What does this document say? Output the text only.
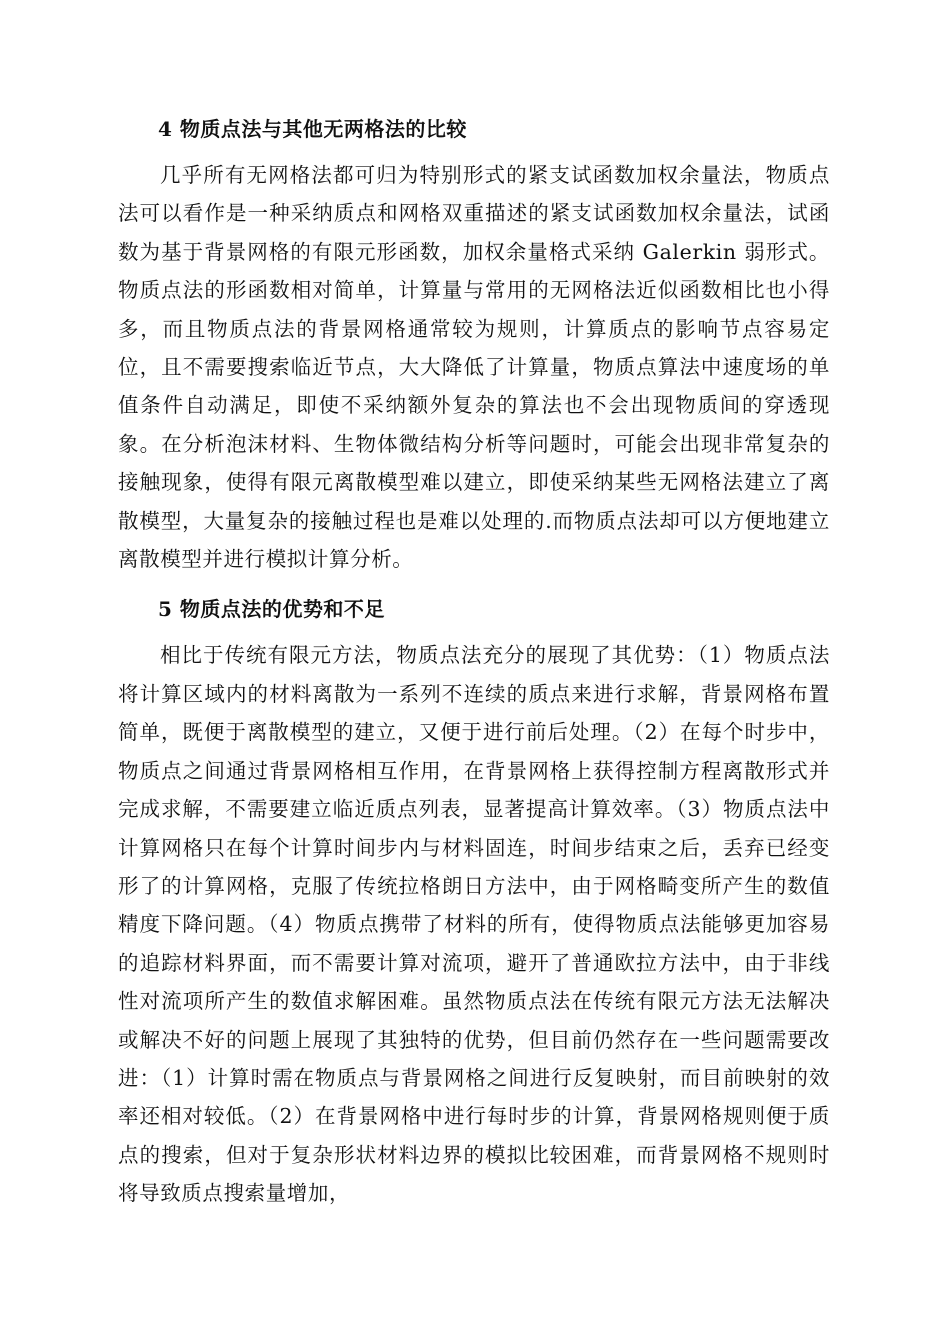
4 物质点法与其他无两格法的比较

几乎所有无网格法都可归为特别形式的紧支试函数加权余量法，物质点法可以看作是一种采纳质点和网格双重描述的紧支试函数加权余量法，试函数为基于背景网格的有限元形函数，加权余量格式采纳 Galerkin 弱形式。物质点法的形函数相对简单，计算量与常用的无网格法近似函数相比也小得多，而且物质点法的背景网格通常较为规则，计算质点的影响节点容易定位，且不需要搜索临近节点，大大降低了计算量，物质点算法中速度场的单值条件自动满足，即使不采纳额外复杂的算法也不会出现物质间的穿透现象。在分析泡沫材料、生物体微结构分析等问题时，可能会出现非常复杂的接触现象，使得有限元离散模型难以建立，即使采纳某些无网格法建立了离散模型，大量复杂的接触过程也是难以处理的.而物质点法却可以方便地建立离散模型并进行模拟计算分析。

5 物质点法的优势和不足

相比于传统有限元方法，物质点法充分的展现了其优势：（1）物质点法将计算区域内的材料离散为一系列不连续的质点来进行求解，背景网格布置简单，既便于离散模型的建立，又便于进行前后处理。（2）在每个时步中，物质点之间通过背景网格相互作用，在背景网格上获得控制方程离散形式并完成求解，不需要建立临近质点列表，显著提高计算效率。（3）物质点法中计算网格只在每个计算时间步内与材料固连，时间步结束之后，丢弃已经变形了的计算网格，克服了传统拉格朗日方法中，由于网格畸变所产生的数值精度下降问题。（4）物质点携带了材料的所有，使得物质点法能够更加容易的追踪材料界面，而不需要计算对流项，避开了普通欧拉方法中，由于非线性对流项所产生的数值求解困难。虽然物质点法在传统有限元方法无法解决或解决不好的问题上展现了其独特的优势，但目前仍然存在一些问题需要改进：（1）计算时需在物质点与背景网格之间进行反复映射，而目前映射的效率还相对较低。（2）在背景网格中进行每时步的计算，背景网格规则便于质点的搜索，但对于复杂形状材料边界的模拟比较困难，而背景网格不规则时将导致质点搜索量增加，
